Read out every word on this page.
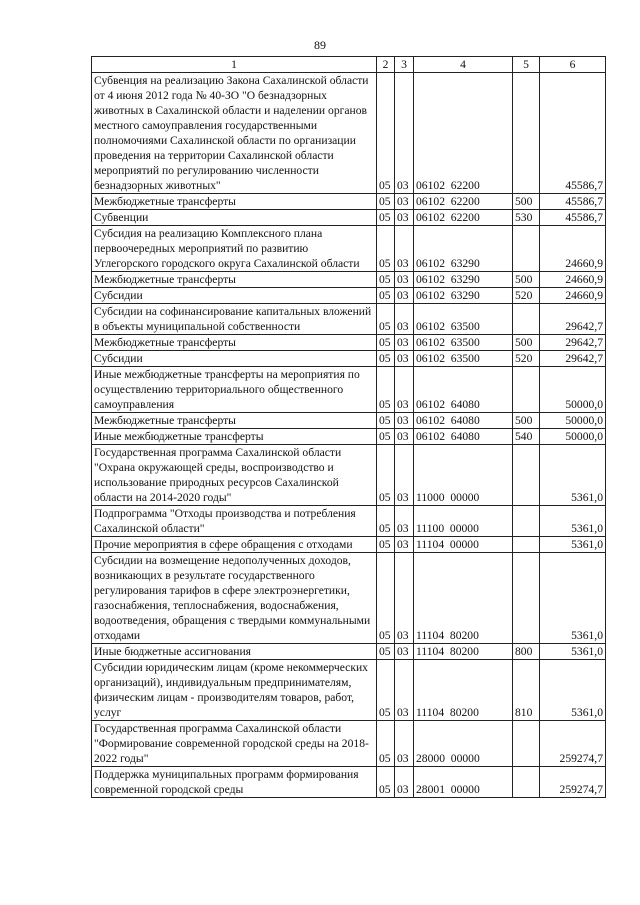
89
1	2	3	4	5	6
Субвенция на реализацию Закона Сахалинской области от 4 июня 2012 года № 40-ЗО "О безнадзорных животных в Сахалинской области и наделении органов местного самоуправления государственными полномочиями Сахалинской области по организации проведения на территории Сахалинской области мероприятий по регулированию численности безнадзорных животных"	05	03	06102  62200		45586,7
Межбюджетные трансферты	05	03	06102  62200	500	45586,7
Субвенции	05	03	06102  62200	530	45586,7
Субсидия на реализацию Комплексного плана первоочередных мероприятий по развитию Углегорского городского округа Сахалинской области	05	03	06102  63290		24660,9
Межбюджетные трансферты	05	03	06102  63290	500	24660,9
Субсидии	05	03	06102  63290	520	24660,9
Субсидии на софинансирование капитальных вложений в объекты муниципальной собственности	05	03	06102  63500		29642,7
Межбюджетные трансферты	05	03	06102  63500	500	29642,7
Субсидии	05	03	06102  63500	520	29642,7
Иные межбюджетные трансферты на мероприятия по осуществлению территориального общественного самоуправления	05	03	06102  64080		50000,0
Межбюджетные трансферты	05	03	06102  64080	500	50000,0
Иные межбюджетные трансферты	05	03	06102  64080	540	50000,0
Государственная программа Сахалинской области "Охрана окружающей среды, воспроизводство и использование природных ресурсов Сахалинской области на 2014-2020 годы"	05	03	11000  00000		5361,0
Подпрограмма "Отходы производства и потребления Сахалинской области"	05	03	11100  00000		5361,0
Прочие мероприятия в сфере обращения с отходами	05	03	11104  00000		5361,0
Субсидии на возмещение недополученных доходов, возникающих в результате государственного регулирования тарифов в сфере электроэнергетики, газоснабжения, теплоснабжения, водоснабжения, водоотведения, обращения с твердыми коммунальными отходами	05	03	11104  80200		5361,0
Иные бюджетные ассигнования	05	03	11104  80200	800	5361,0
Субсидии юридическим лицам (кроме некоммерческих организаций), индивидуальным предпринимателям, физическим лицам - производителям товаров, работ, услуг	05	03	11104  80200	810	5361,0
Государственная программа Сахалинской области "Формирование современной городской среды на 2018-2022 годы"	05	03	28000  00000		259274,7
Поддержка муниципальных программ формирования современной городской среды	05	03	28001  00000		259274,7
